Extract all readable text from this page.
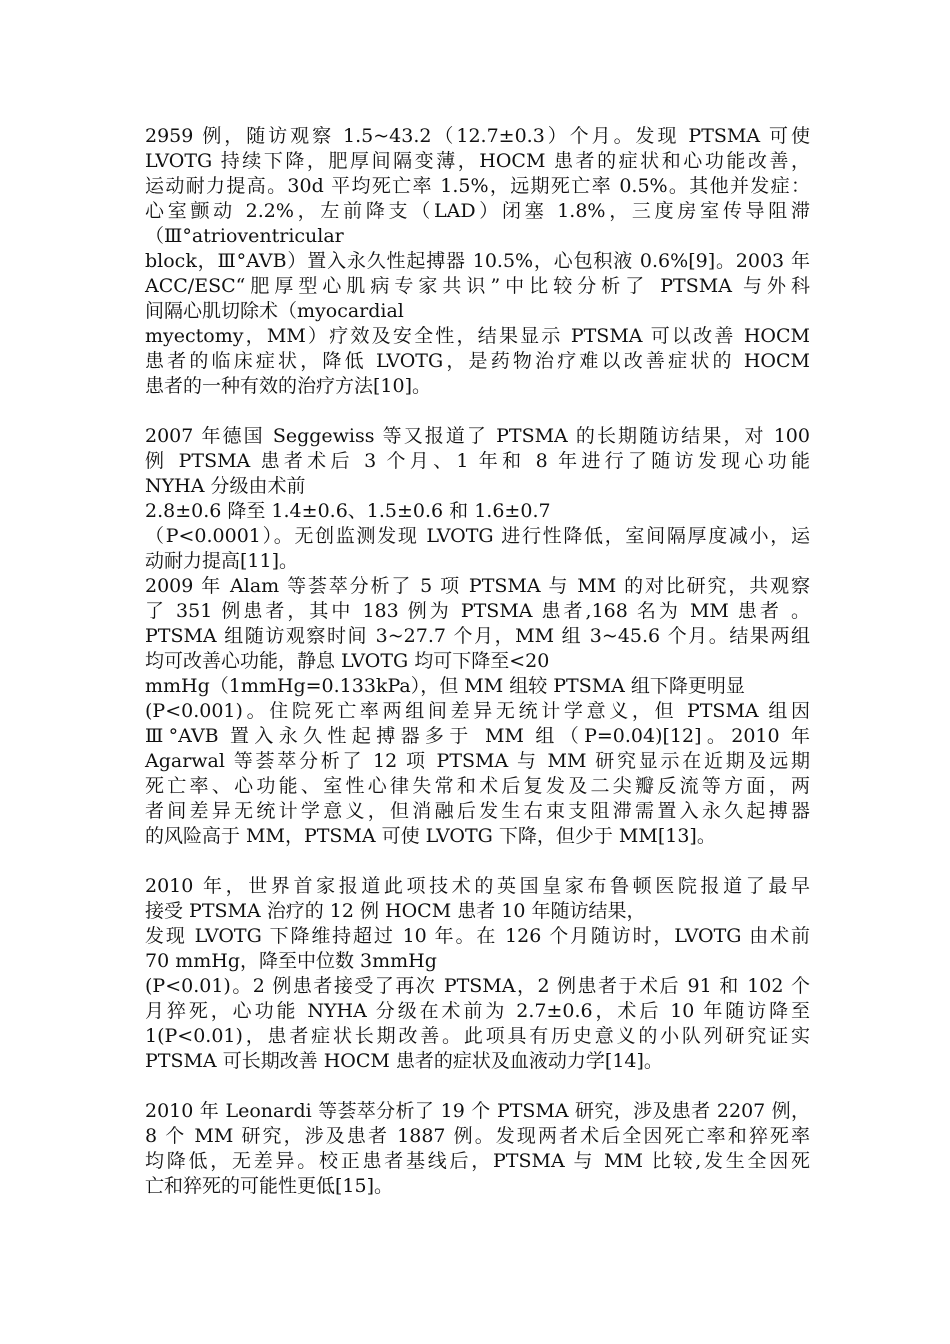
2959 例，随访观察 1.5~43.2（12.7±0.3）个月。发现 PTSMA 可使
LVOTG 持续下降，肥厚间隔变薄，HOCM 患者的症状和心功能改善，
运动耐力提高。30d 平均死亡率 1.5%，远期死亡率 0.5%。其他并发症：
心室颤动 2.2%，左前降支（LAD）闭塞 1.8%，三度房室传导阻滞
（Ⅲ°atrioventricular
block，Ⅲ°AVB）置入永久性起搏器 10.5%，心包积液 0.6%[9]。2003 年
ACC/ESC“肥厚型心肌病专家共识”中比较分析了 PTSMA 与外科
间隔心肌切除术（myocardial
myectomy，MM）疗效及安全性，结果显示 PTSMA 可以改善 HOCM
患者的临床症状，降低 LVOTG，是药物治疗难以改善症状的 HOCM
患者的一种有效的治疗方法[10]。
2007 年德国 Seggewiss 等又报道了 PTSMA 的长期随访结果，对 100
例 PTSMA 患者术后 3 个月、1 年和 8 年进行了随访发现心功能
NYHA 分级由术前
2.8±0.6 降至 1.4±0.6、1.5±0.6 和 1.6±0.7
（P<0.0001）。无创监测发现 LVOTG 进行性降低，室间隔厚度减小，运
动耐力提高[11]。
2009 年 Alam 等荟萃分析了 5 项 PTSMA 与 MM 的对比研究，共观察
了 351 例患者，其中 183 例为 PTSMA 患者,168 名为 MM 患者 。
PTSMA 组随访观察时间 3~27.7 个月，MM 组 3~45.6 个月。结果两组
均可改善心功能，静息 LVOTG 均可下降至<20
mmHg（1mmHg=0.133kPa），但 MM 组较 PTSMA 组下降更明显
(P<0.001)。住院死亡率两组间差异无统计学意义，但 PTSMA 组因
Ⅲ°AVB 置入永久性起搏器多于 MM 组（P=0.04)[12]。2010 年
Agarwal 等荟萃分析了 12 项 PTSMA 与 MM 研究显示在近期及远期
死亡率、心功能、室性心律失常和术后复发及二尖瓣反流等方面，两
者间差异无统计学意义，但消融后发生右束支阻滞需置入永久起搏器
的风险高于 MM，PTSMA 可使 LVOTG 下降，但少于 MM[13]。
2010 年，世界首家报道此项技术的英国皇家布鲁顿医院报道了最早
接受 PTSMA 治疗的 12 例 HOCM 患者 10 年随访结果，
发现 LVOTG 下降维持超过 10 年。在 126 个月随访时，LVOTG 由术前
70 mmHg，降至中位数 3mmHg
(P<0.01)。2 例患者接受了再次 PTSMA，2 例患者于术后 91 和 102 个
月猝死，心功能 NYHA 分级在术前为 2.7±0.6，术后 10 年随访降至
1(P<0.01)，患者症状长期改善。此项具有历史意义的小队列研究证实
PTSMA 可长期改善 HOCM 患者的症状及血液动力学[14]。
2010 年 Leonardi 等荟萃分析了 19 个 PTSMA 研究，涉及患者 2207 例，
8 个 MM 研究，涉及患者 1887 例。发现两者术后全因死亡率和猝死率
均降低，无差异。校正患者基线后，PTSMA 与 MM 比较,发生全因死
亡和猝死的可能性更低[15]。
